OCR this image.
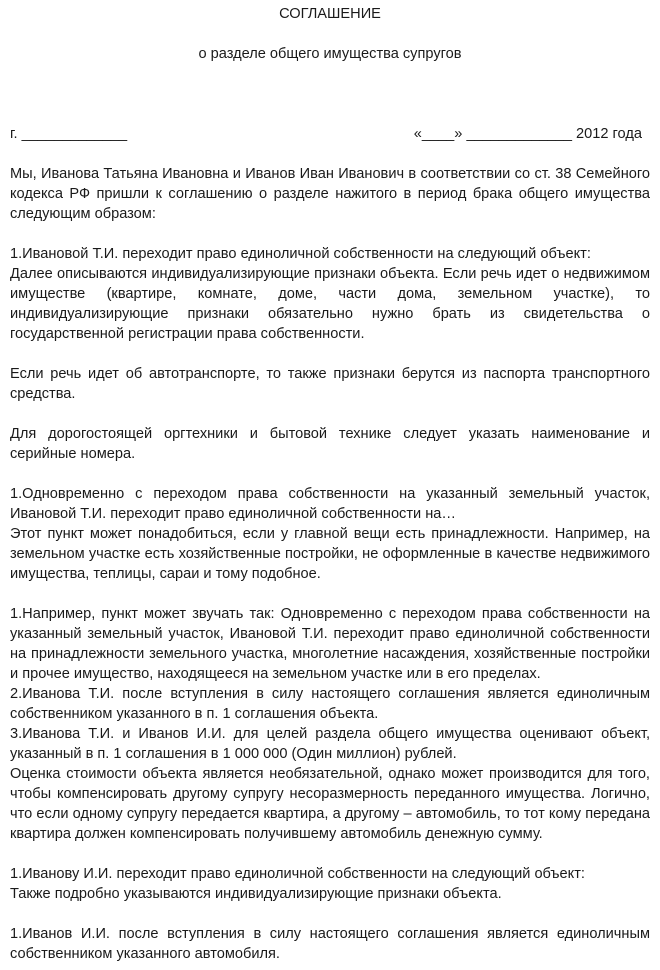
СОГЛАШЕНИЕ

о разделе общего имущества супругов

г. _____________	«____» _____________ 2012 года

Мы, Иванова Татьяна Ивановна и Иванов Иван Иванович в соответствии со ст. 38 Семейного кодекса РФ пришли к соглашению о разделе нажитого в период брака общего имущества следующим образом:

1.Ивановой Т.И. переходит право единоличной собственности на следующий объект:

Далее описываются индивидуализирующие признаки объекта. Если речь идет о недвижимом имуществе (квартире, комнате, доме, части дома, земельном участке), то индивидуализирующие признаки обязательно нужно брать из свидетельства о государственной регистрации права собственности.

Если речь идет об автотранспорте, то также признаки берутся из паспорта транспортного средства.

Для дорогостоящей оргтехники и бытовой технике следует указать наименование и серийные номера.

1.Одновременно с переходом права собственности на указанный земельный участок, Ивановой Т.И. переходит право единоличной собственности на…

Этот пункт может понадобиться, если у главной вещи есть принадлежности. Например, на земельном участке есть хозяйственные постройки, не оформленные в качестве недвижимого имущества, теплицы, сараи и тому подобное.

1.Например, пункт может звучать так: Одновременно с переходом права собственности на указанный земельный участок, Ивановой Т.И. переходит право единоличной собственности на принадлежности земельного участка, многолетние насаждения, хозяйственные постройки и прочее имущество, находящееся на земельном участке или в его пределах.

2.Иванова Т.И. после вступления в силу настоящего соглашения является единоличным собственником указанного в п. 1 соглашения объекта.

3.Иванова Т.И. и Иванов И.И. для целей раздела общего имущества оценивают объект, указанный в п. 1 соглашения в 1 000 000 (Один миллион) рублей.

Оценка стоимости объекта является необязательной, однако может производится для того, чтобы компенсировать другому супругу несоразмерность переданного имущества. Логично, что если одному супругу передается квартира, а другому – автомобиль, то тот кому передана квартира должен компенсировать получившему автомобиль денежную сумму.

1.Иванову И.И. переходит право единоличной собственности на следующий объект:

Также подробно указываются индивидуализирующие признаки объекта.

1.Иванов И.И. после вступления в силу настоящего соглашения является единоличным собственником указанного автомобиля.
